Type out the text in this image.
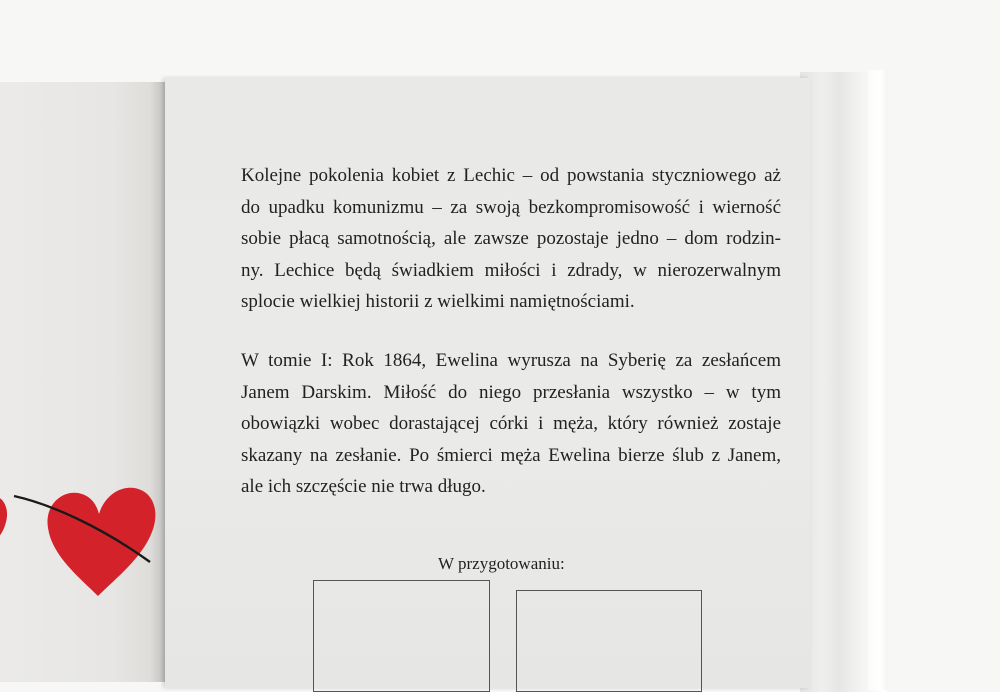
Kolejne pokolenia kobiet z Lechic – od powstania styczniowego aż
do upadku komunizmu – za swoją bezkompromisowość i wierność
sobie płacą samotnością, ale zawsze pozostaje jedno – dom rodzin-
ny. Lechice będą świadkiem miłości i zdrady, w nierozerwalnym
splocie wielkiej historii z wielkimi namiętnościami.
W tomie I: Rok 1864, Ewelina wyrusza na Syberię za zesłańcem
Janem Darskim. Miłość do niego przesłania wszystko – w tym
obowiązki wobec dorastającej córki i męża, który również zostaje
skazany na zesłanie. Po śmierci męża Ewelina bierze ślub z Janem,
ale ich szczęście nie trwa długo.
W przygotowaniu:
